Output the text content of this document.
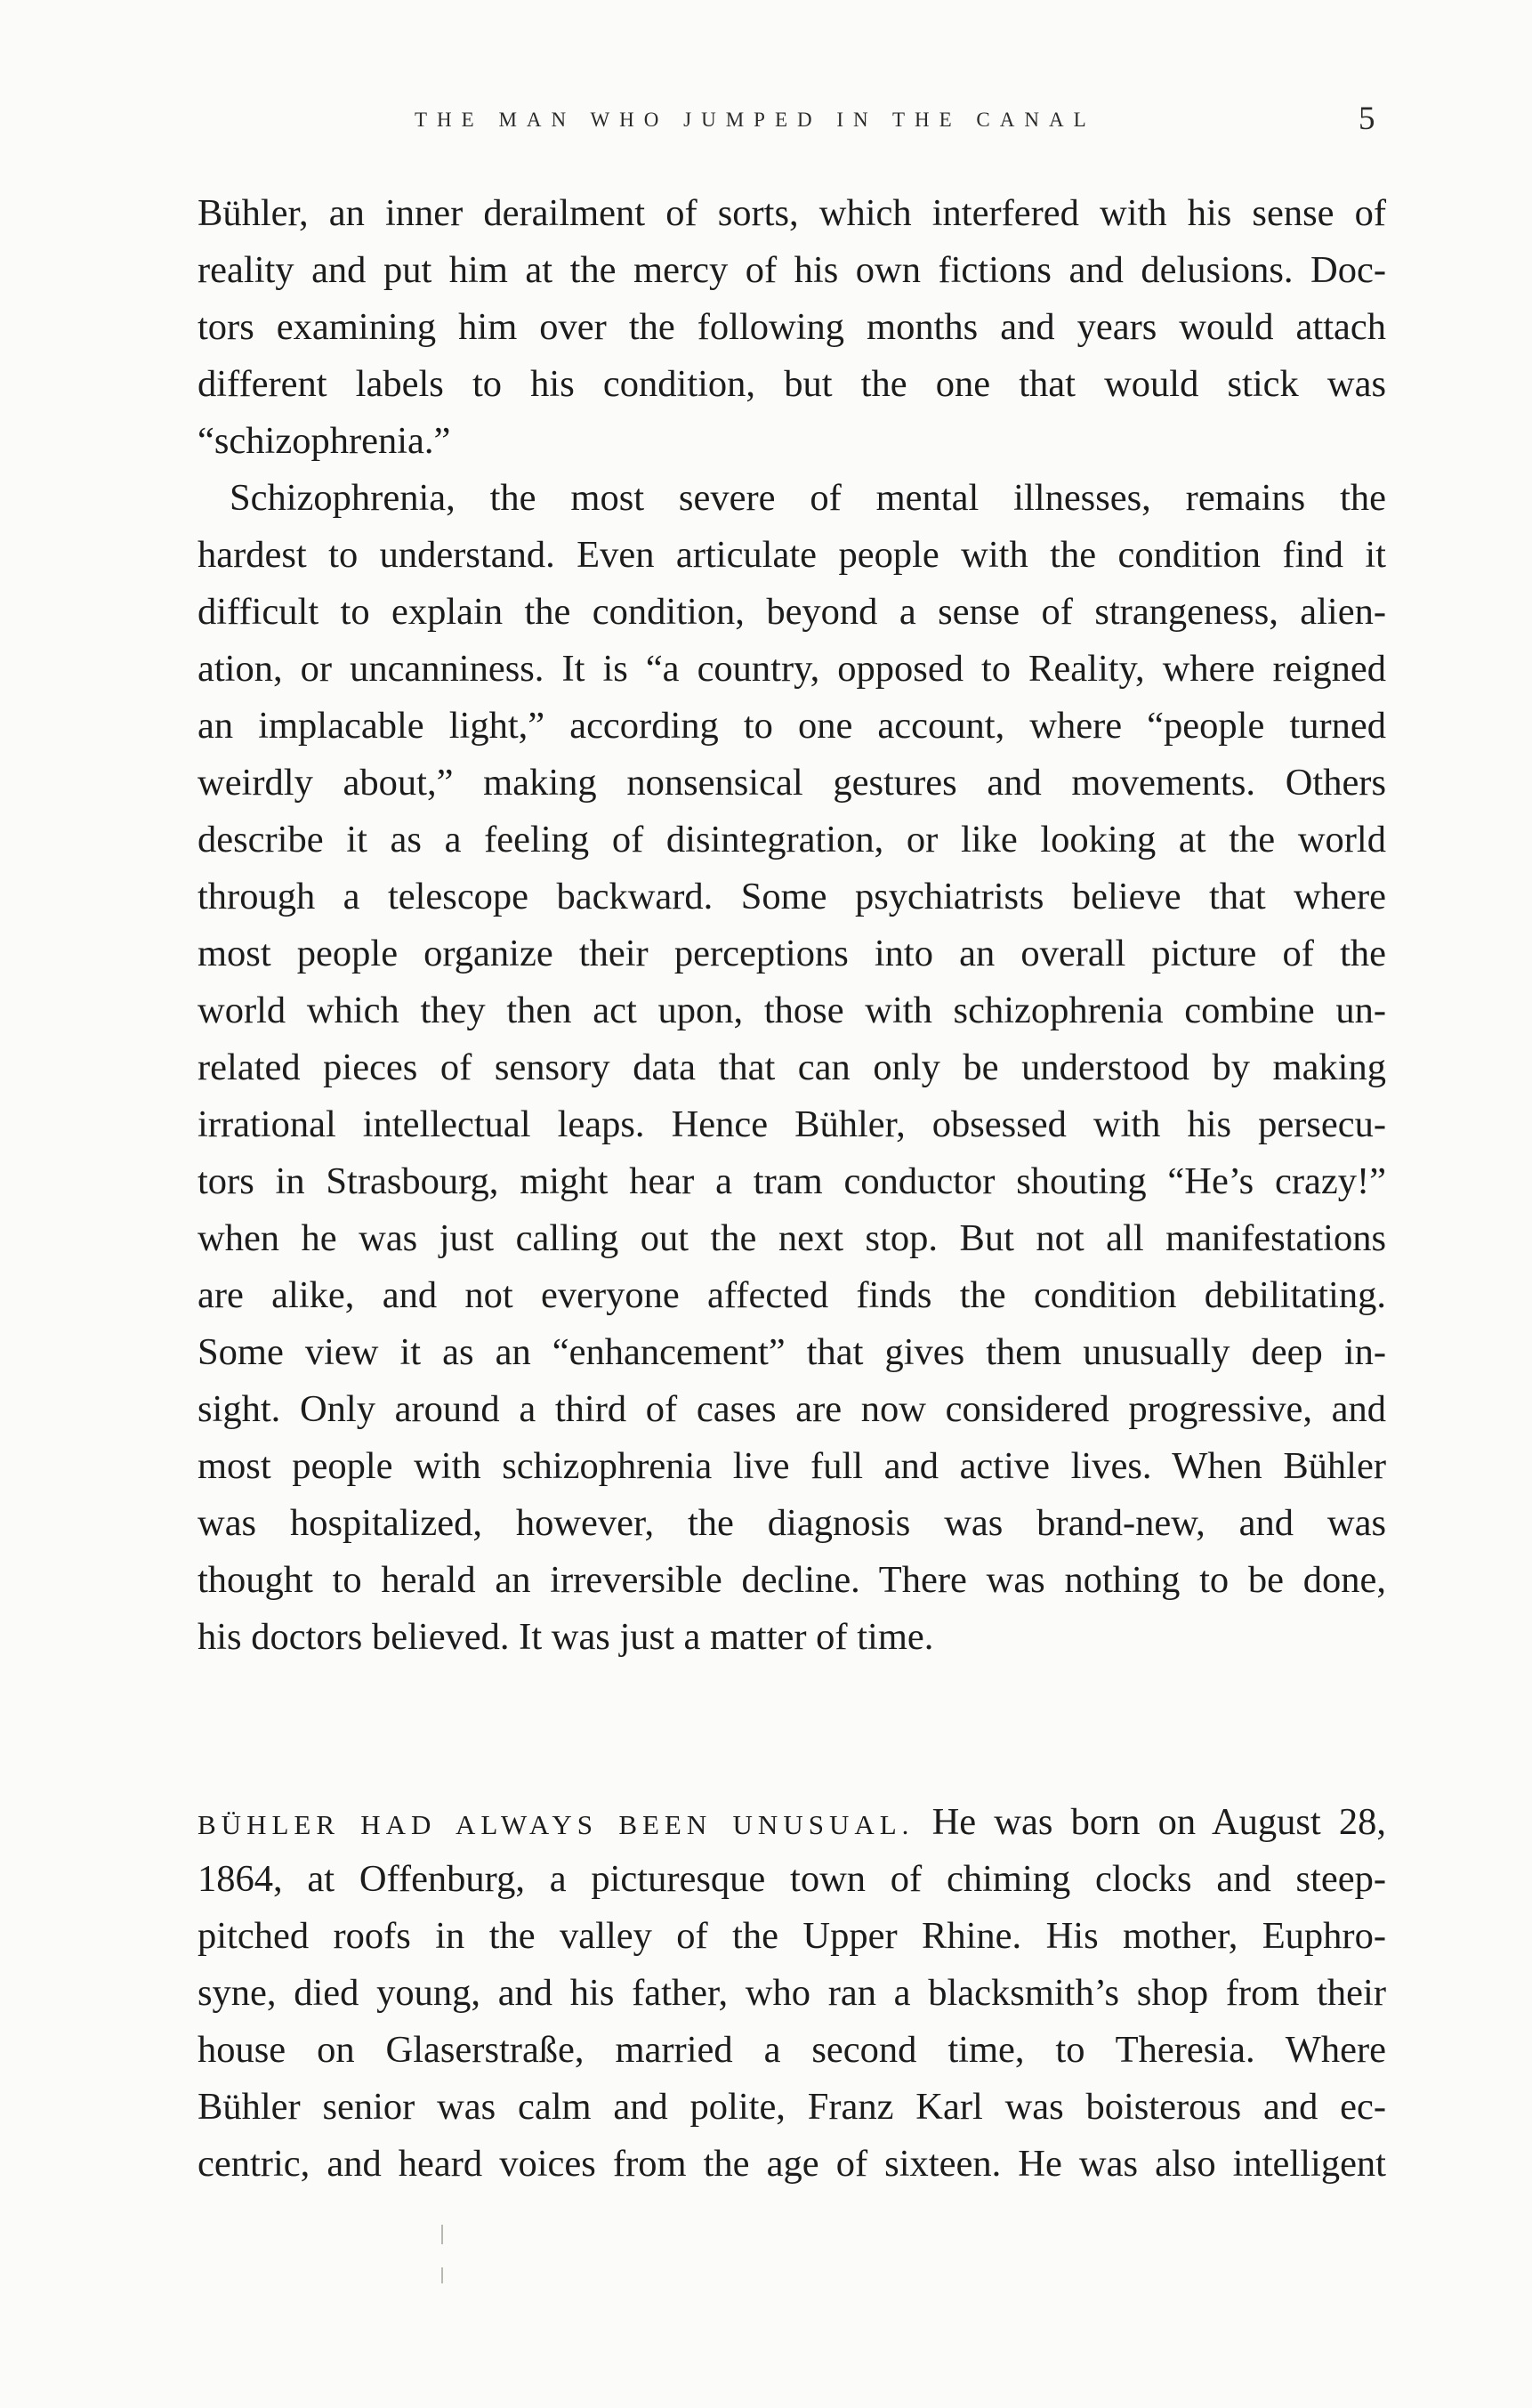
THE MAN WHO JUMPED IN THE CANAL	5
Bühler, an inner derailment of sorts, which interfered with his sense of
reality and put him at the mercy of his own fictions and delusions. Doc-
tors examining him over the following months and years would attach
different labels to his condition, but the one that would stick was
“schizophrenia.”
Schizophrenia, the most severe of mental illnesses, remains the
hardest to understand. Even articulate people with the condition find it
difficult to explain the condition, beyond a sense of strangeness, alien-
ation, or uncanniness. It is “a country, opposed to Reality, where reigned
an implacable light,” according to one account, where “people turned
weirdly about,” making nonsensical gestures and movements. Others
describe it as a feeling of disintegration, or like looking at the world
through a telescope backward. Some psychiatrists believe that where
most people organize their perceptions into an overall picture of the
world which they then act upon, those with schizophrenia combine un-
related pieces of sensory data that can only be understood by making
irrational intellectual leaps. Hence Bühler, obsessed with his persecu-
tors in Strasbourg, might hear a tram conductor shouting “He’s crazy!”
when he was just calling out the next stop. But not all manifestations
are alike, and not everyone affected finds the condition debilitating.
Some view it as an “enhancement” that gives them unusually deep in-
sight. Only around a third of cases are now considered progressive, and
most people with schizophrenia live full and active lives. When Bühler
was hospitalized, however, the diagnosis was brand-new, and was
thought to herald an irreversible decline. There was nothing to be done,
his doctors believed. It was just a matter of time.
BÜHLER HAD ALWAYS BEEN UNUSUAL. He was born on August 28,
1864, at Offenburg, a picturesque town of chiming clocks and steep-
pitched roofs in the valley of the Upper Rhine. His mother, Euphro-
syne, died young, and his father, who ran a blacksmith’s shop from their
house on Glaserstraße, married a second time, to Theresia. Where
Bühler senior was calm and polite, Franz Karl was boisterous and ec-
centric, and heard voices from the age of sixteen. He was also intelligent
